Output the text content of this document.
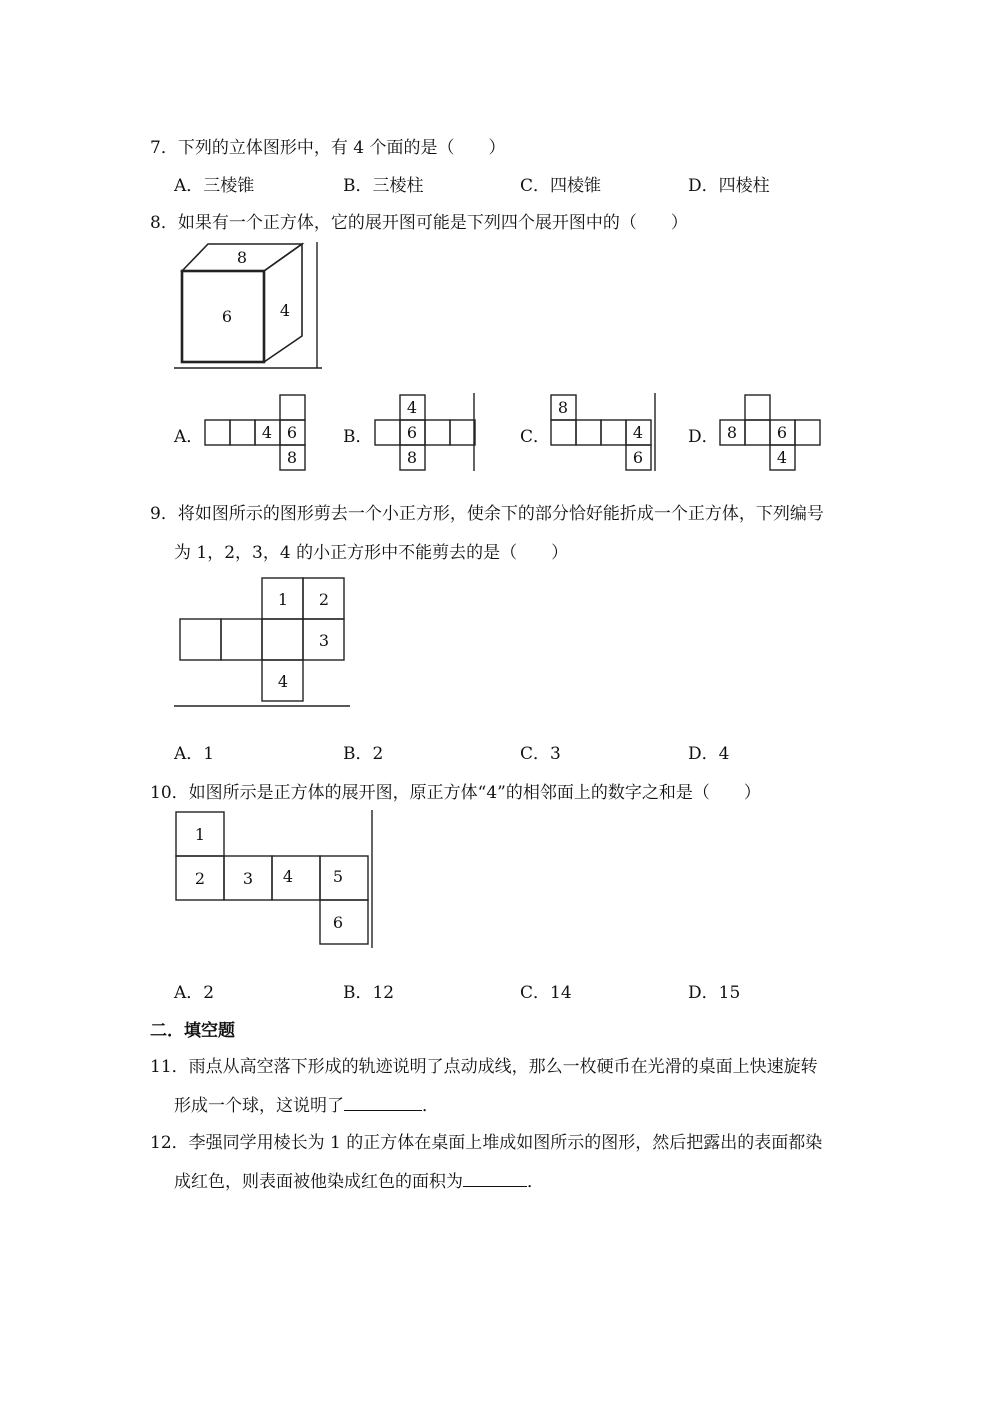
7．下列的立体图形中，有 4 个面的是（　　）
A．三棱锥	B．三棱柱	C．四棱锥	D．四棱柱
8．如果有一个正方体，它的展开图可能是下列四个展开图中的（　　）
8
6	4
A．	4 6
8
B．
4
6
8
C．
8
4
6
D． 8 6
4
9．将如图所示的图形剪去一个小正方形，使余下的部分恰好能折成一个正方体，下列编号
为 1，2，3，4 的小正方形中不能剪去的是（　　）
1 2
3
4
A．1	B．2	C．3	D．4
10．如图所示是正方体的展开图，原正方体“4”的相邻面上的数字之和是（　　）
1
2 3 4 5
6
A．2	B．12	C．14	D．15
二．填空题
11．雨点从高空落下形成的轨迹说明了点动成线，那么一枚硬币在光滑的桌面上快速旋转
形成一个球，这说明了	．
12．李强同学用棱长为 1 的正方体在桌面上堆成如图所示的图形，然后把露出的表面都染
成红色，则表面被他染成红色的面积为	．
